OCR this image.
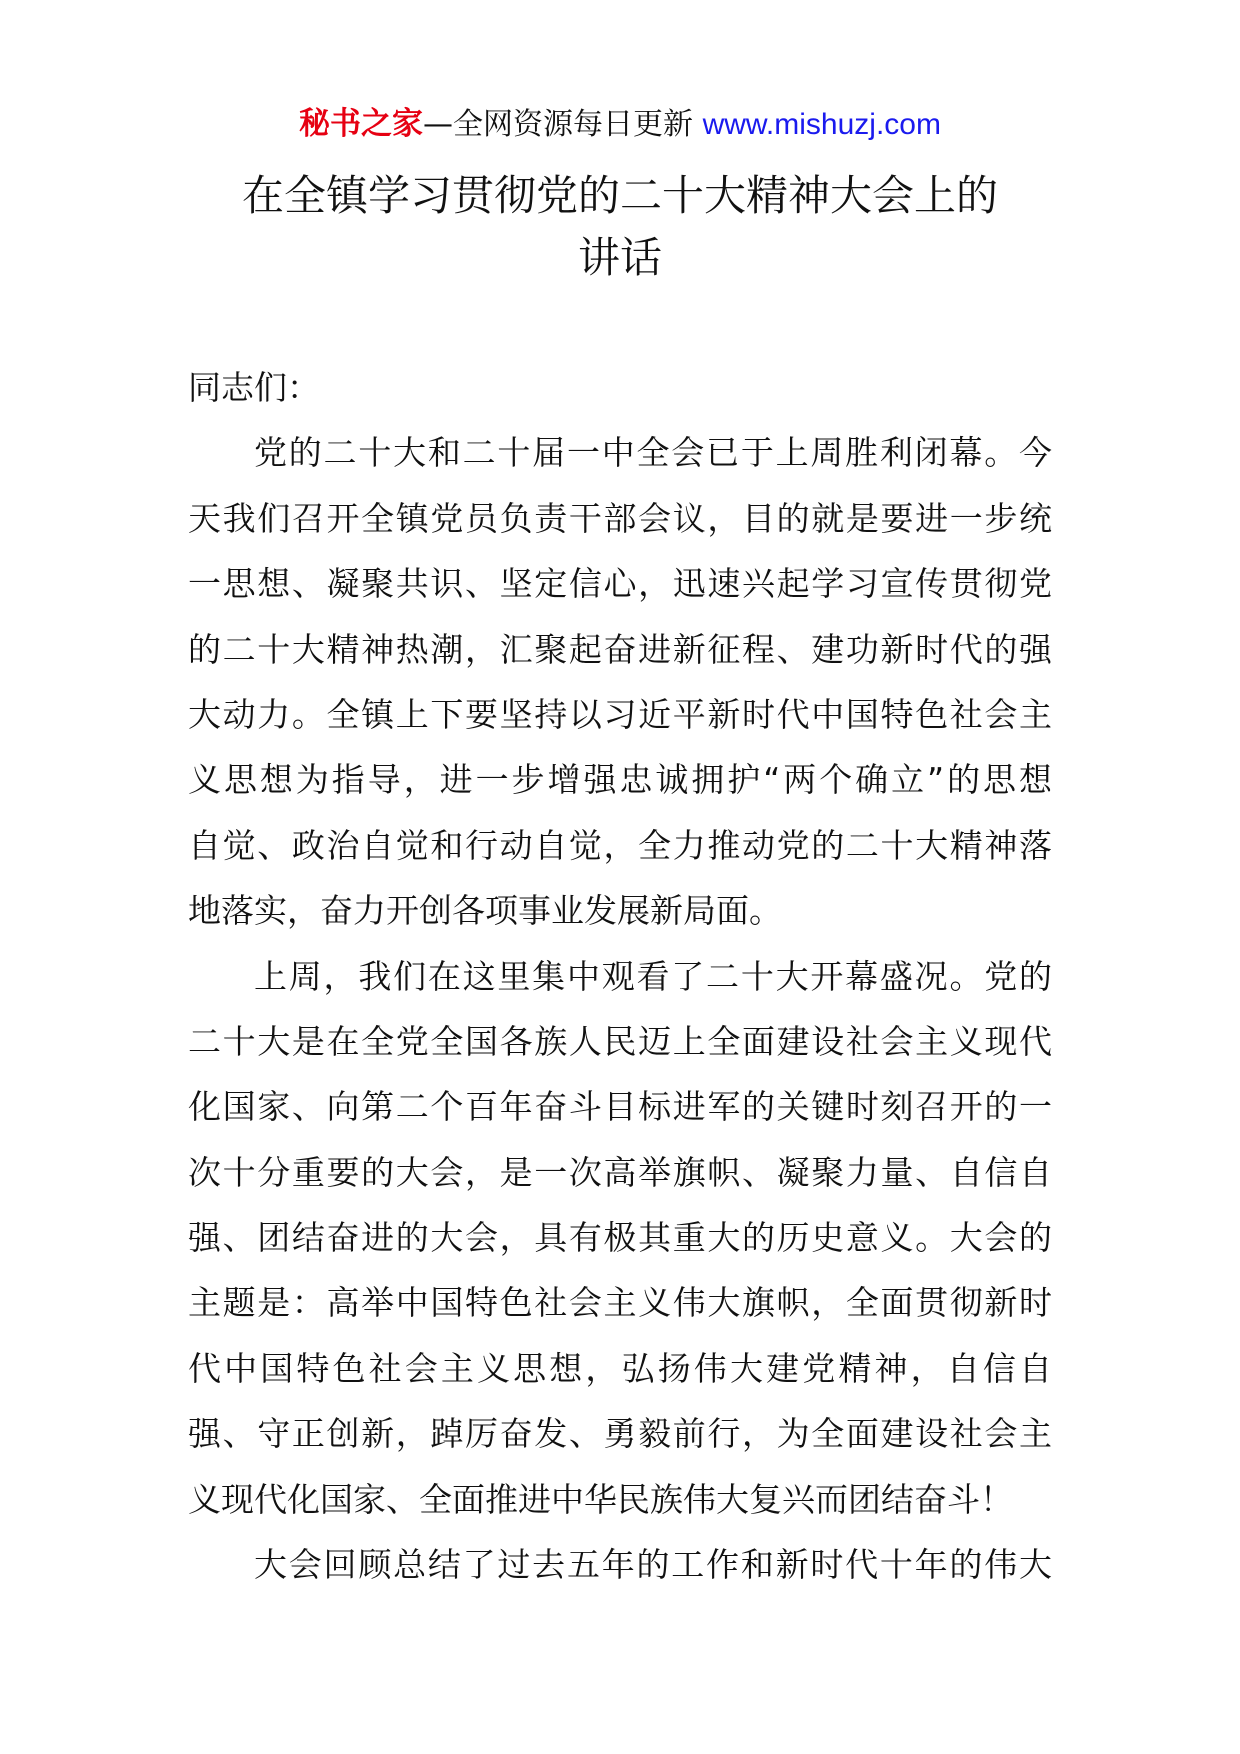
秘书之家—全网资源每日更新 www.mishuzj.com
在全镇学习贯彻党的二十大精神大会上的
讲话
同志们：
党的二十大和二十届一中全会已于上周胜利闭幕。今
天我们召开全镇党员负责干部会议，目的就是要进一步统
一思想、凝聚共识、坚定信心，迅速兴起学习宣传贯彻党
的二十大精神热潮，汇聚起奋进新征程、建功新时代的强
大动力。全镇上下要坚持以习近平新时代中国特色社会主
义思想为指导，进一步增强忠诚拥护“两个确立”的思想
自觉、政治自觉和行动自觉，全力推动党的二十大精神落
地落实，奋力开创各项事业发展新局面。
上周，我们在这里集中观看了二十大开幕盛况。党的
二十大是在全党全国各族人民迈上全面建设社会主义现代
化国家、向第二个百年奋斗目标进军的关键时刻召开的一
次十分重要的大会，是一次高举旗帜、凝聚力量、自信自
强、团结奋进的大会，具有极其重大的历史意义。大会的
主题是：高举中国特色社会主义伟大旗帜，全面贯彻新时
代中国特色社会主义思想，弘扬伟大建党精神，自信自
强、守正创新，踔厉奋发、勇毅前行，为全面建设社会主
义现代化国家、全面推进中华民族伟大复兴而团结奋斗！
大会回顾总结了过去五年的工作和新时代十年的伟大
